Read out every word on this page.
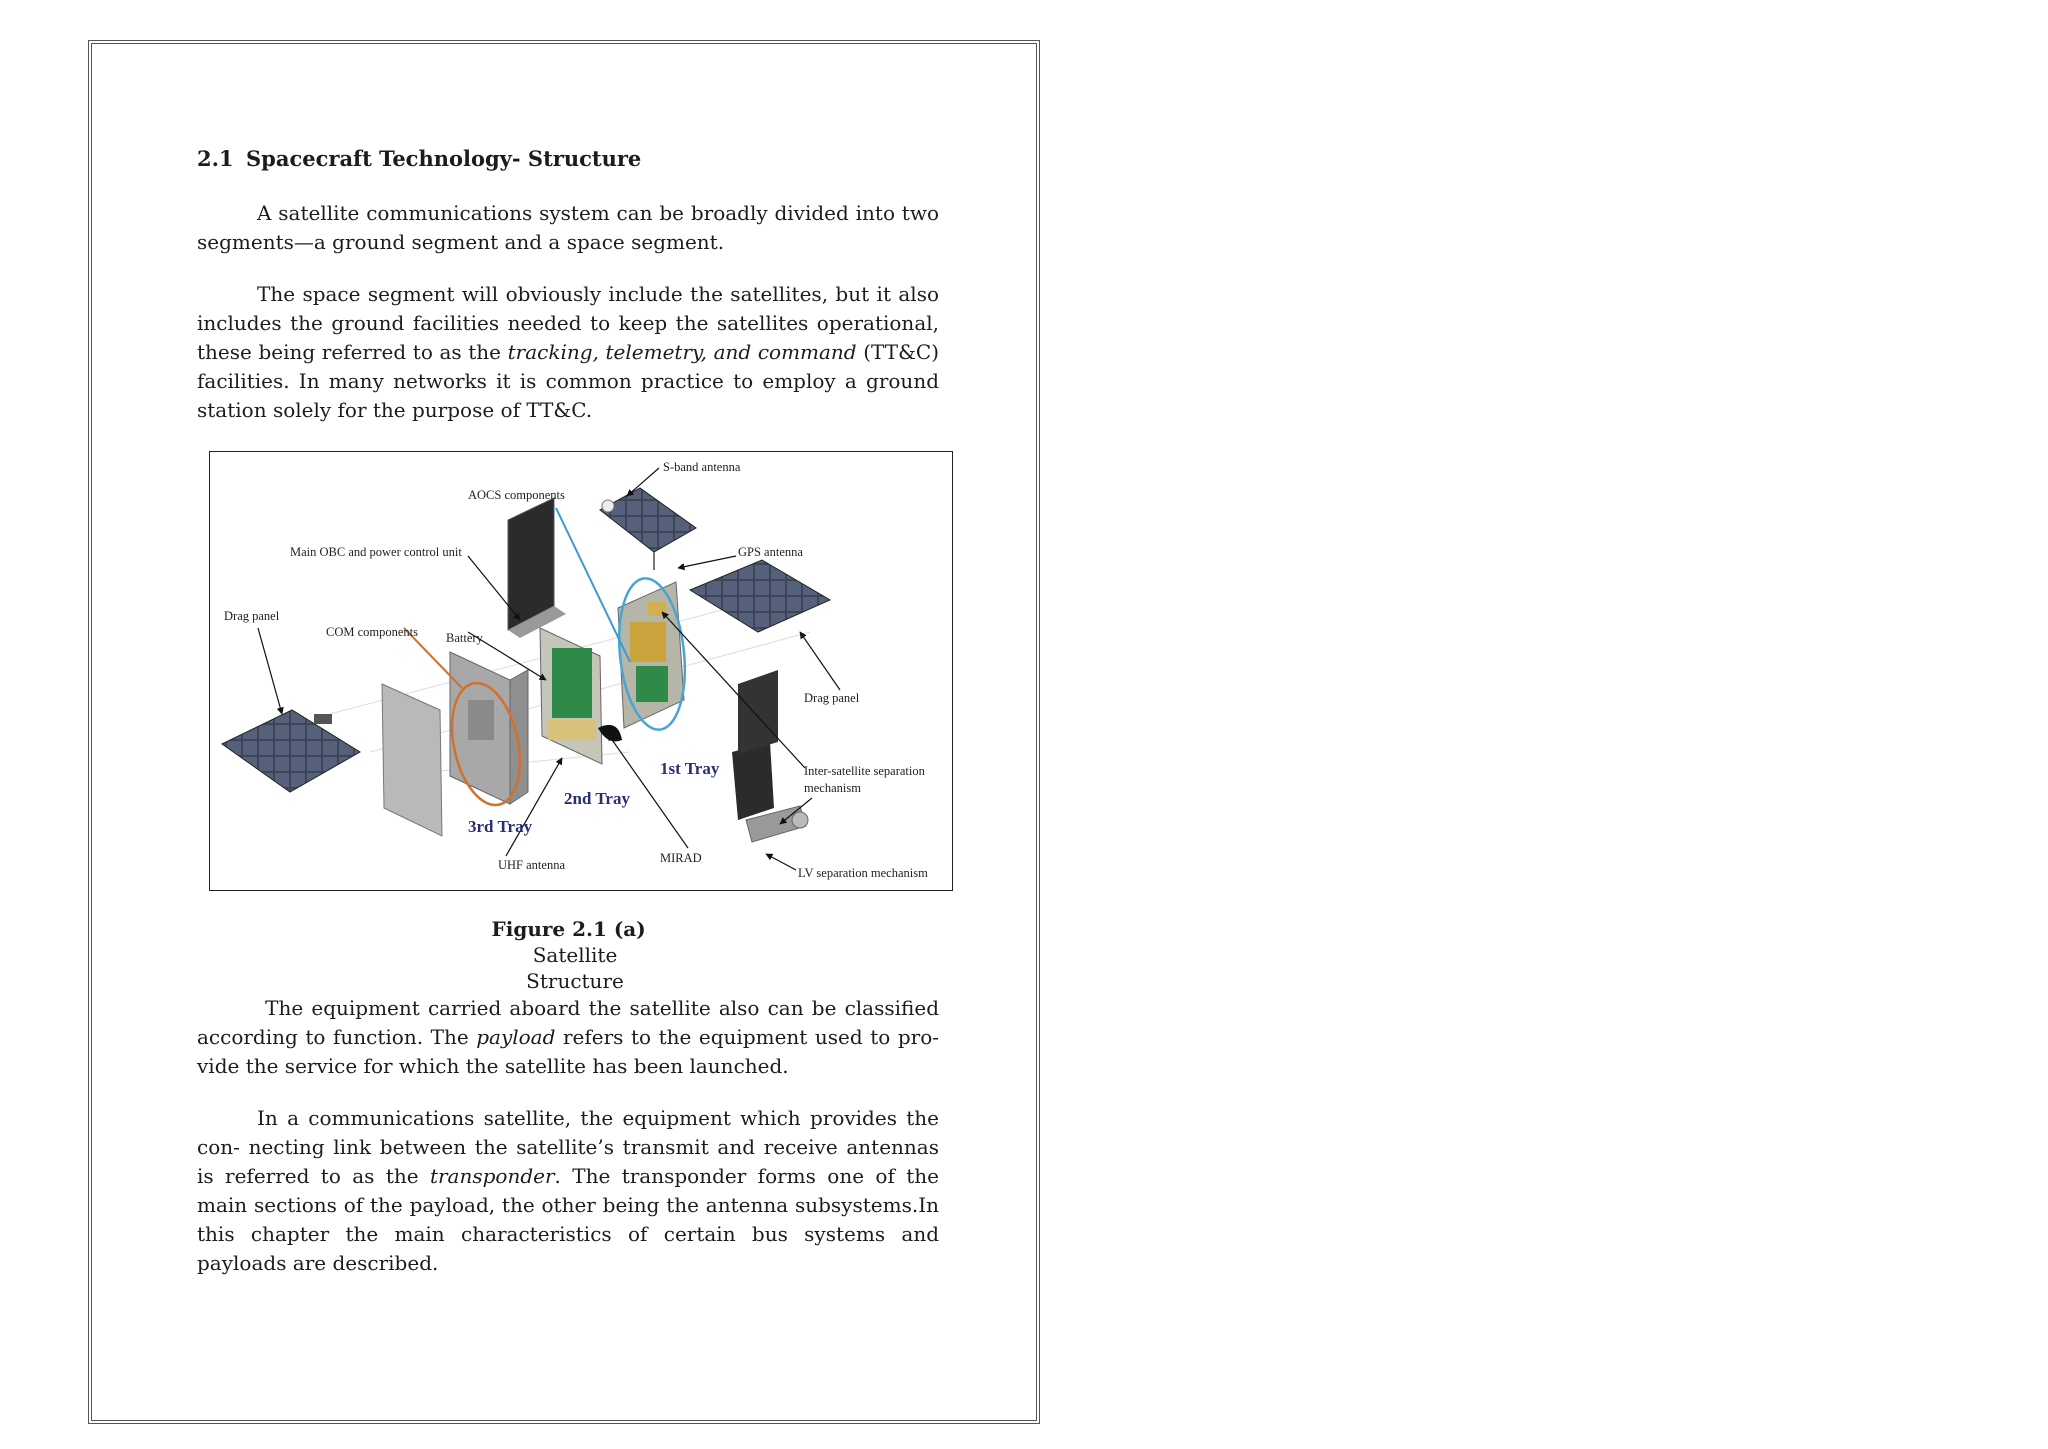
2.1 Spacecraft Technology- Structure

A satellite communications system can be broadly divided into two segments—a ground segment and a space segment.

The space segment will obviously include the satellites, but it also includes the ground facilities needed to keep the satellites operational, these being referred to as the tracking, telemetry, and command (TT&C) facilities. In many networks it is common practice to employ a ground station solely for the purpose of TT&C.

The equipment carried aboard the satellite also can be classified according to function. The payload refers to the equipment used to pro- vide the service for which the satellite has been launched.

In a communications satellite, the equipment which provides the con- necting link between the satellite’s transmit and receive antennas is referred to as the transponder. The transponder forms one of the main sections of the payload, the other being the antenna subsystems.In this chapter the main characteristics of certain bus systems and payloads are described.

S-band antenna
AOCS components
Main OBC and power control unit	GPS antenna
Drag panel
COM components Battery
Drag panel
Inter-satellite separation
mechanism
1st Tray
2nd Tray
3rd Tray
UHF antenna	MIRAD
LV separation mechanism
Figure 2.1 (a)   Satellite
Structure
